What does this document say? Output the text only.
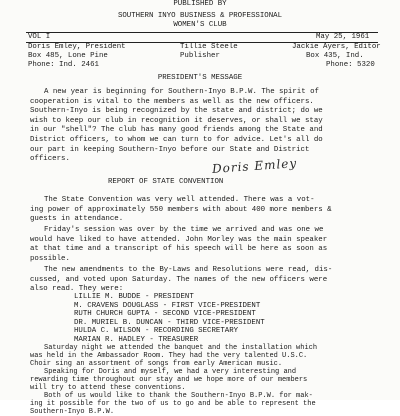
PUBLISHED BY
SOUTHERN INYO BUSINESS & PROFESSIONAL
WOMEN'S CLUB
VOL I	May 25, 1961
Doris Emley, President
Box 485, Lone Pine
Phone: Ind. 2461
Tillie Steele
Publisher
Jackie Ayers, Editor
Box 435, Ind.
Phone: 5320
PRESIDENT'S MESSAGE
A new year is beginning for Southern-Inyo B.P.W. The spirit of
cooperation is vital to the members as well as the new officers.
Southern-Inyo is being recognized by the state and district; do we
wish to keep our club in recognition it deserves, or shall we stay
in our "shell"? The club has many good friends among the State and
District officers, to whom we can turn to for advice. Let's all do
our part in keeping Southern-Inyo before our State and District
officers.	Doris Emley
REPORT OF STATE CONVENTION
The State Convention was very well attended. There was a vot-
ing power of approximately 550 members with about 400 more members &
guests in attendance.
Friday's session was over by the time we arrived and was one we
would have liked to have attended. John Morley was the main speaker
at that time and a transcript of his speech will be here as soon as
possible.
The new amendments to the By-Laws and Resolutions were read, dis-
cussed, and voted upon Saturday. The names of the new officers were
also read. They were:
LILLIE M. BUDDE - PRESIDENT
M. CRAVENS DOUGLASS - FIRST VICE-PRESIDENT
RUTH CHURCH GUPTA - SECOND VICE-PRESIDENT
DR. MURIEL B. DUNCAN - THIRD VICE-PRESIDENT
HULDA C. WILSON - RECORDING SECRETARY
MARIAN R. HADLEY - TREASURER
Saturday night we attended the banquet and the installation which
was held in the Ambassador Room. They had the very talented U.S.C.
Choir sing an assortment of songs from early American music.
Speaking for Doris and myself, we had a very interesting and
rewarding time throughout our stay and we hope more of our members
will try to attend these conventions.
Both of us would like to thank the Southern-Inyo B.P.W. for mak-
ing it possible for the two of us to go and be able to represent the
Southern-Inyo B.P.W.
